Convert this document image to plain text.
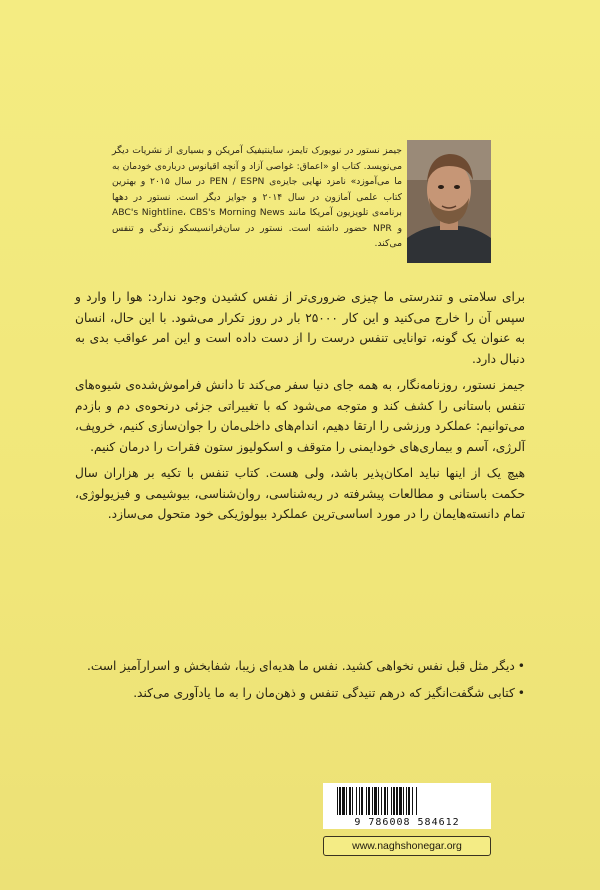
جیمز نستور در نیویورک تایمز، ساینتیفیک آمریکن و بسیاری از نشریات دیگر می‌نویسد. کتاب او «اعماق: غواصی آزاد و آنچه اقیانوس درباره‌ی خودمان به ما می‌آموزد» نامزد نهایی جایزه‌ی PEN / ESPN در سال ۲۰۱۵ و بهترین کتاب علمی آمازون در سال ۲۰۱۴ و جوایز دیگر است. نستور در دهها برنامه‌ی تلویزیون آمریکا مانند ABC's Nightline، CBS's Morning News و NPR حضور داشته است. نستور در سان‌فرانسیسکو زندگی و تنفس می‌کند.

برای سلامتی و تندرستی ما چیزی ضروری‌تر از نفس کشیدن وجود ندارد: هوا را وارد و سپس آن را خارج می‌کنید و این کار ۲۵۰۰۰ بار در روز تکرار می‌شود. با این حال، انسان به عنوان یک گونه، توانایی تنفس درست را از دست داده است و این امر عواقب بدی به دنبال دارد.

جیمز نستور، روزنامه‌نگار، به همه جای دنیا سفر می‌کند تا دانش فراموش‌شده‌ی شیوه‌های تنفس باستانی را کشف کند و متوجه می‌شود که با تغییراتی جزئی درنحوه‌ی دم و بازدم می‌توانیم: عملکرد ورزشی را ارتقا دهیم، اندام‌های داخلی‌مان را جوان‌سازی کنیم، خروپف، آلرژی، آسم و بیماری‌های خودایمنی را متوقف و اسکولیوز ستون فقرات را درمان کنیم.

هیچ یک از اینها نباید امکان‌پذیر باشد، ولی هست. کتاب تنفس با تکیه بر هزاران سال حکمت باستانی و مطالعات پیشرفته در ریه‌شناسی، روان‌شناسی، بیوشیمی و فیزیولوژی، تمام دانسته‌هایمان را در مورد اساسی‌ترین عملکرد بیولوژیکی خود متحول می‌سازد.

•دیگر مثل قبل نفس نخواهی کشید. نفس ما هدیه‌ای زیبا، شفابخش و اسرارآمیز است.
•کتابی شگفت‌انگیز که درهم تنیدگی تنفس و ذهن‌مان را به ما یادآوری می‌کند.
9 786008 584612
www.naghshonegar.org
